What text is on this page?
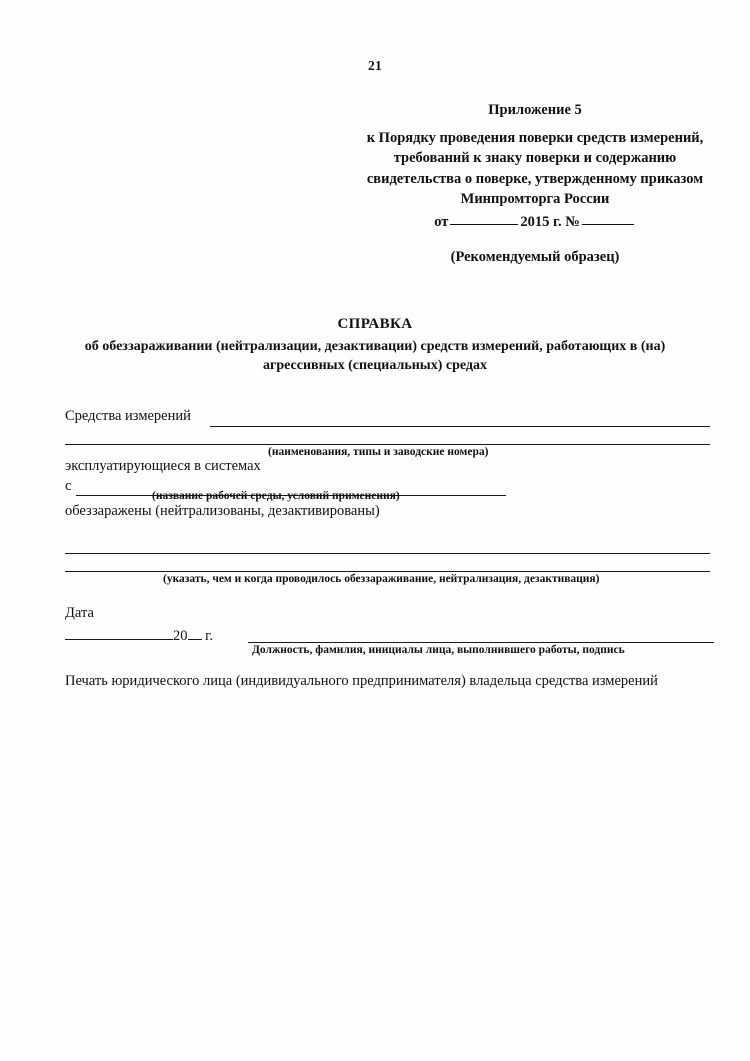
21
Приложение 5
к Порядку проведения поверки средств измерений,
требований к знаку поверки и содержанию
свидетельства о поверке, утвержденному приказом
Минпромторга России
от	2015 г. №
(Рекомендуемый образец)
СПРАВКА
об обеззараживании (нейтрализации, дезактивации) средств измерений, работающих в (на)
агрессивных (специальных) средах
Средства измерений
(наименования, типы и заводские номера)
эксплуатирующиеся в системах
с
(название рабочей среды, условий применения)
обеззаражены (нейтрализованы, дезактивированы)
(указать, чем и когда проводилось обеззараживание, нейтрализация, дезактивация)
Дата
20 г.
Должность, фамилия, инициалы лица, выполнившего работы, подпись
Печать юридического лица (индивидуального предпринимателя) владельца средства измерений
